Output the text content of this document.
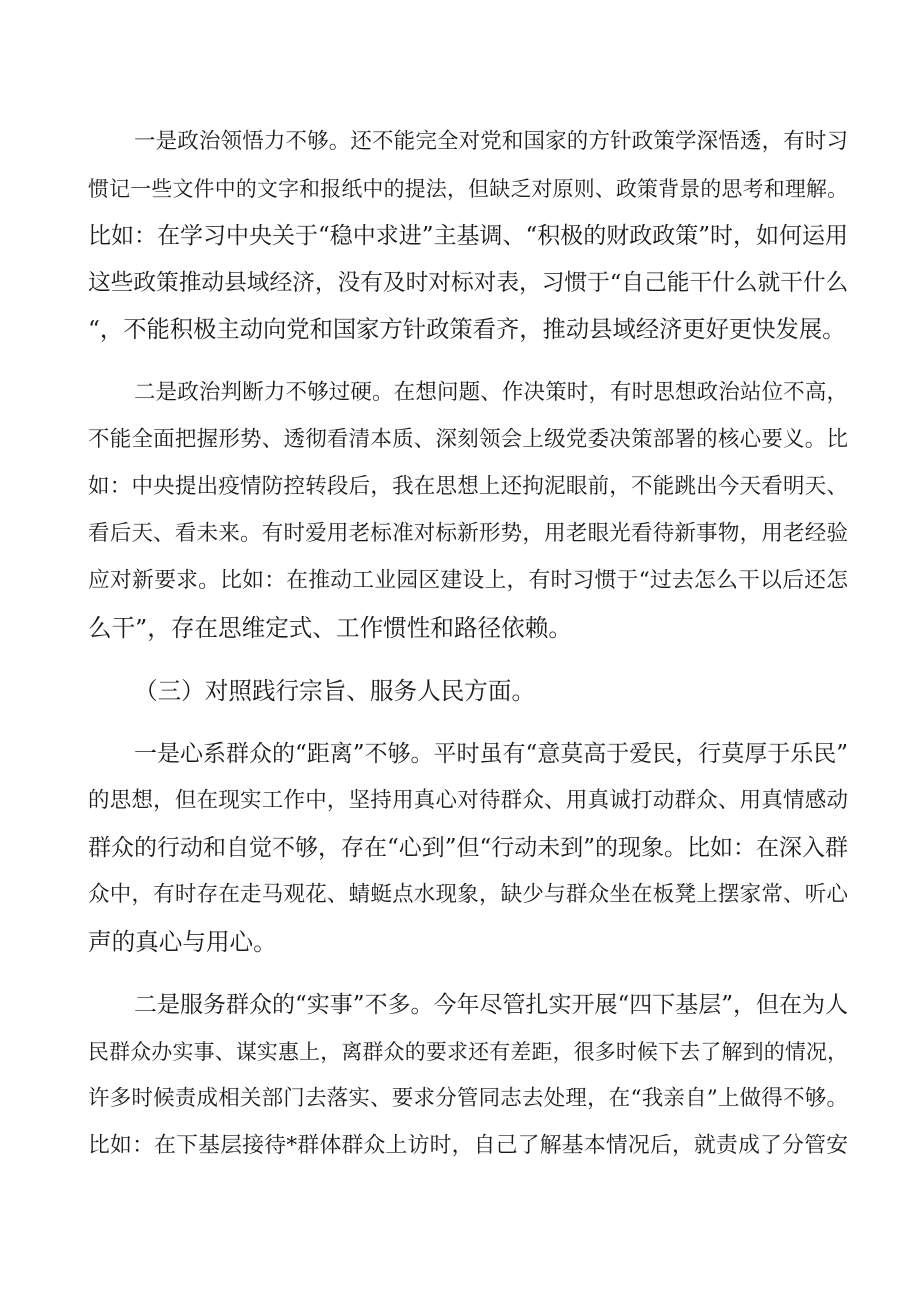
一是政治领悟力不够。还不能完全对党和国家的方针政策学深悟透，有时习
惯记一些文件中的文字和报纸中的提法，但缺乏对原则、政策背景的思考和理解。
比如：在学习中央关于“稳中求进”主基调、“积极的财政政策”时，如何运用
这些政策推动县域经济，没有及时对标对表，习惯于“自己能干什么就干什么
“，不能积极主动向党和国家方针政策看齐，推动县域经济更好更快发展。
二是政治判断力不够过硬。在想问题、作决策时，有时思想政治站位不高，
不能全面把握形势、透彻看清本质、深刻领会上级党委决策部署的核心要义。比
如：中央提出疫情防控转段后，我在思想上还拘泥眼前，不能跳出今天看明天、
看后天、看未来。有时爱用老标准对标新形势，用老眼光看待新事物，用老经验
应对新要求。比如：在推动工业园区建设上，有时习惯于“过去怎么干以后还怎
么干”，存在思维定式、工作惯性和路径依赖。
（三）对照践行宗旨、服务人民方面。
一是心系群众的“距离”不够。平时虽有“意莫高于爱民，行莫厚于乐民”
的思想，但在现实工作中，坚持用真心对待群众、用真诚打动群众、用真情感动
群众的行动和自觉不够，存在“心到”但“行动未到”的现象。比如：在深入群
众中，有时存在走马观花、蜻蜓点水现象，缺少与群众坐在板凳上摆家常、听心
声的真心与用心。
二是服务群众的“实事”不多。今年尽管扎实开展“四下基层”，但在为人
民群众办实事、谋实惠上，离群众的要求还有差距，很多时候下去了解到的情况，
许多时候责成相关部门去落实、要求分管同志去处理，在“我亲自”上做得不够。
比如：在下基层接待*群体群众上访时，自己了解基本情况后，就责成了分管安
